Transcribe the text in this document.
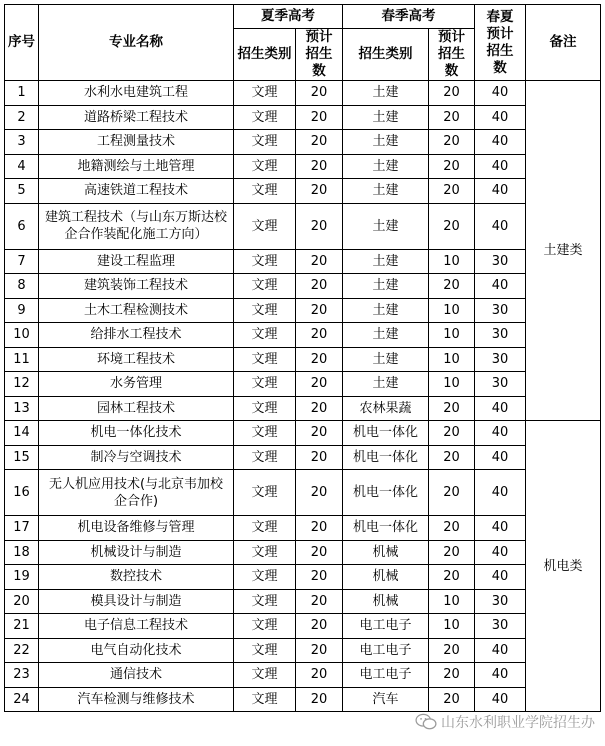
序号	专业名称	夏季高考		春季高考		春夏预计招生数	备注
		招生类别	预计招生数	招生类别	预计招生数		
1	水利水电建筑工程	文理	20	土建	20	40	土建类
2	道路桥梁工程技术	文理	20	土建	20	40	
3	工程测量技术	文理	20	土建	20	40	
4	地籍测绘与土地管理	文理	20	土建	20	40	
5	高速铁道工程技术	文理	20	土建	20	40	
6	建筑工程技术（与山东万斯达校企合作装配化施工方向）	文理	20	土建	20	40	
7	建设工程监理	文理	20	土建	10	30	
8	建筑装饰工程技术	文理	20	土建	20	40	
9	土木工程检测技术	文理	20	土建	10	30	
10	给排水工程技术	文理	20	土建	10	30	
11	环境工程技术	文理	20	土建	10	30	
12	水务管理	文理	20	土建	10	30	
13	园林工程技术	文理	20	农林果蔬	20	40	
14	机电一体化技术	文理	20	机电一体化	20	40	机电类
15	制冷与空调技术	文理	20	机电一体化	20	40	
16	无人机应用技术(与北京韦加校企合作)	文理	20	机电一体化	20	40	
17	机电设备维修与管理	文理	20	机电一体化	20	40	
18	机械设计与制造	文理	20	机械	20	40	
19	数控技术	文理	20	机械	20	40	
20	模具设计与制造	文理	20	机械	10	30	
21	电子信息工程技术	文理	20	电工电子	10	30	
22	电气自动化技术	文理	20	电工电子	20	40	
23	通信技术	文理	20	电工电子	20	40	
24	汽车检测与维修技术	文理	20	汽车	20	40	
山东水利职业学院招生办
